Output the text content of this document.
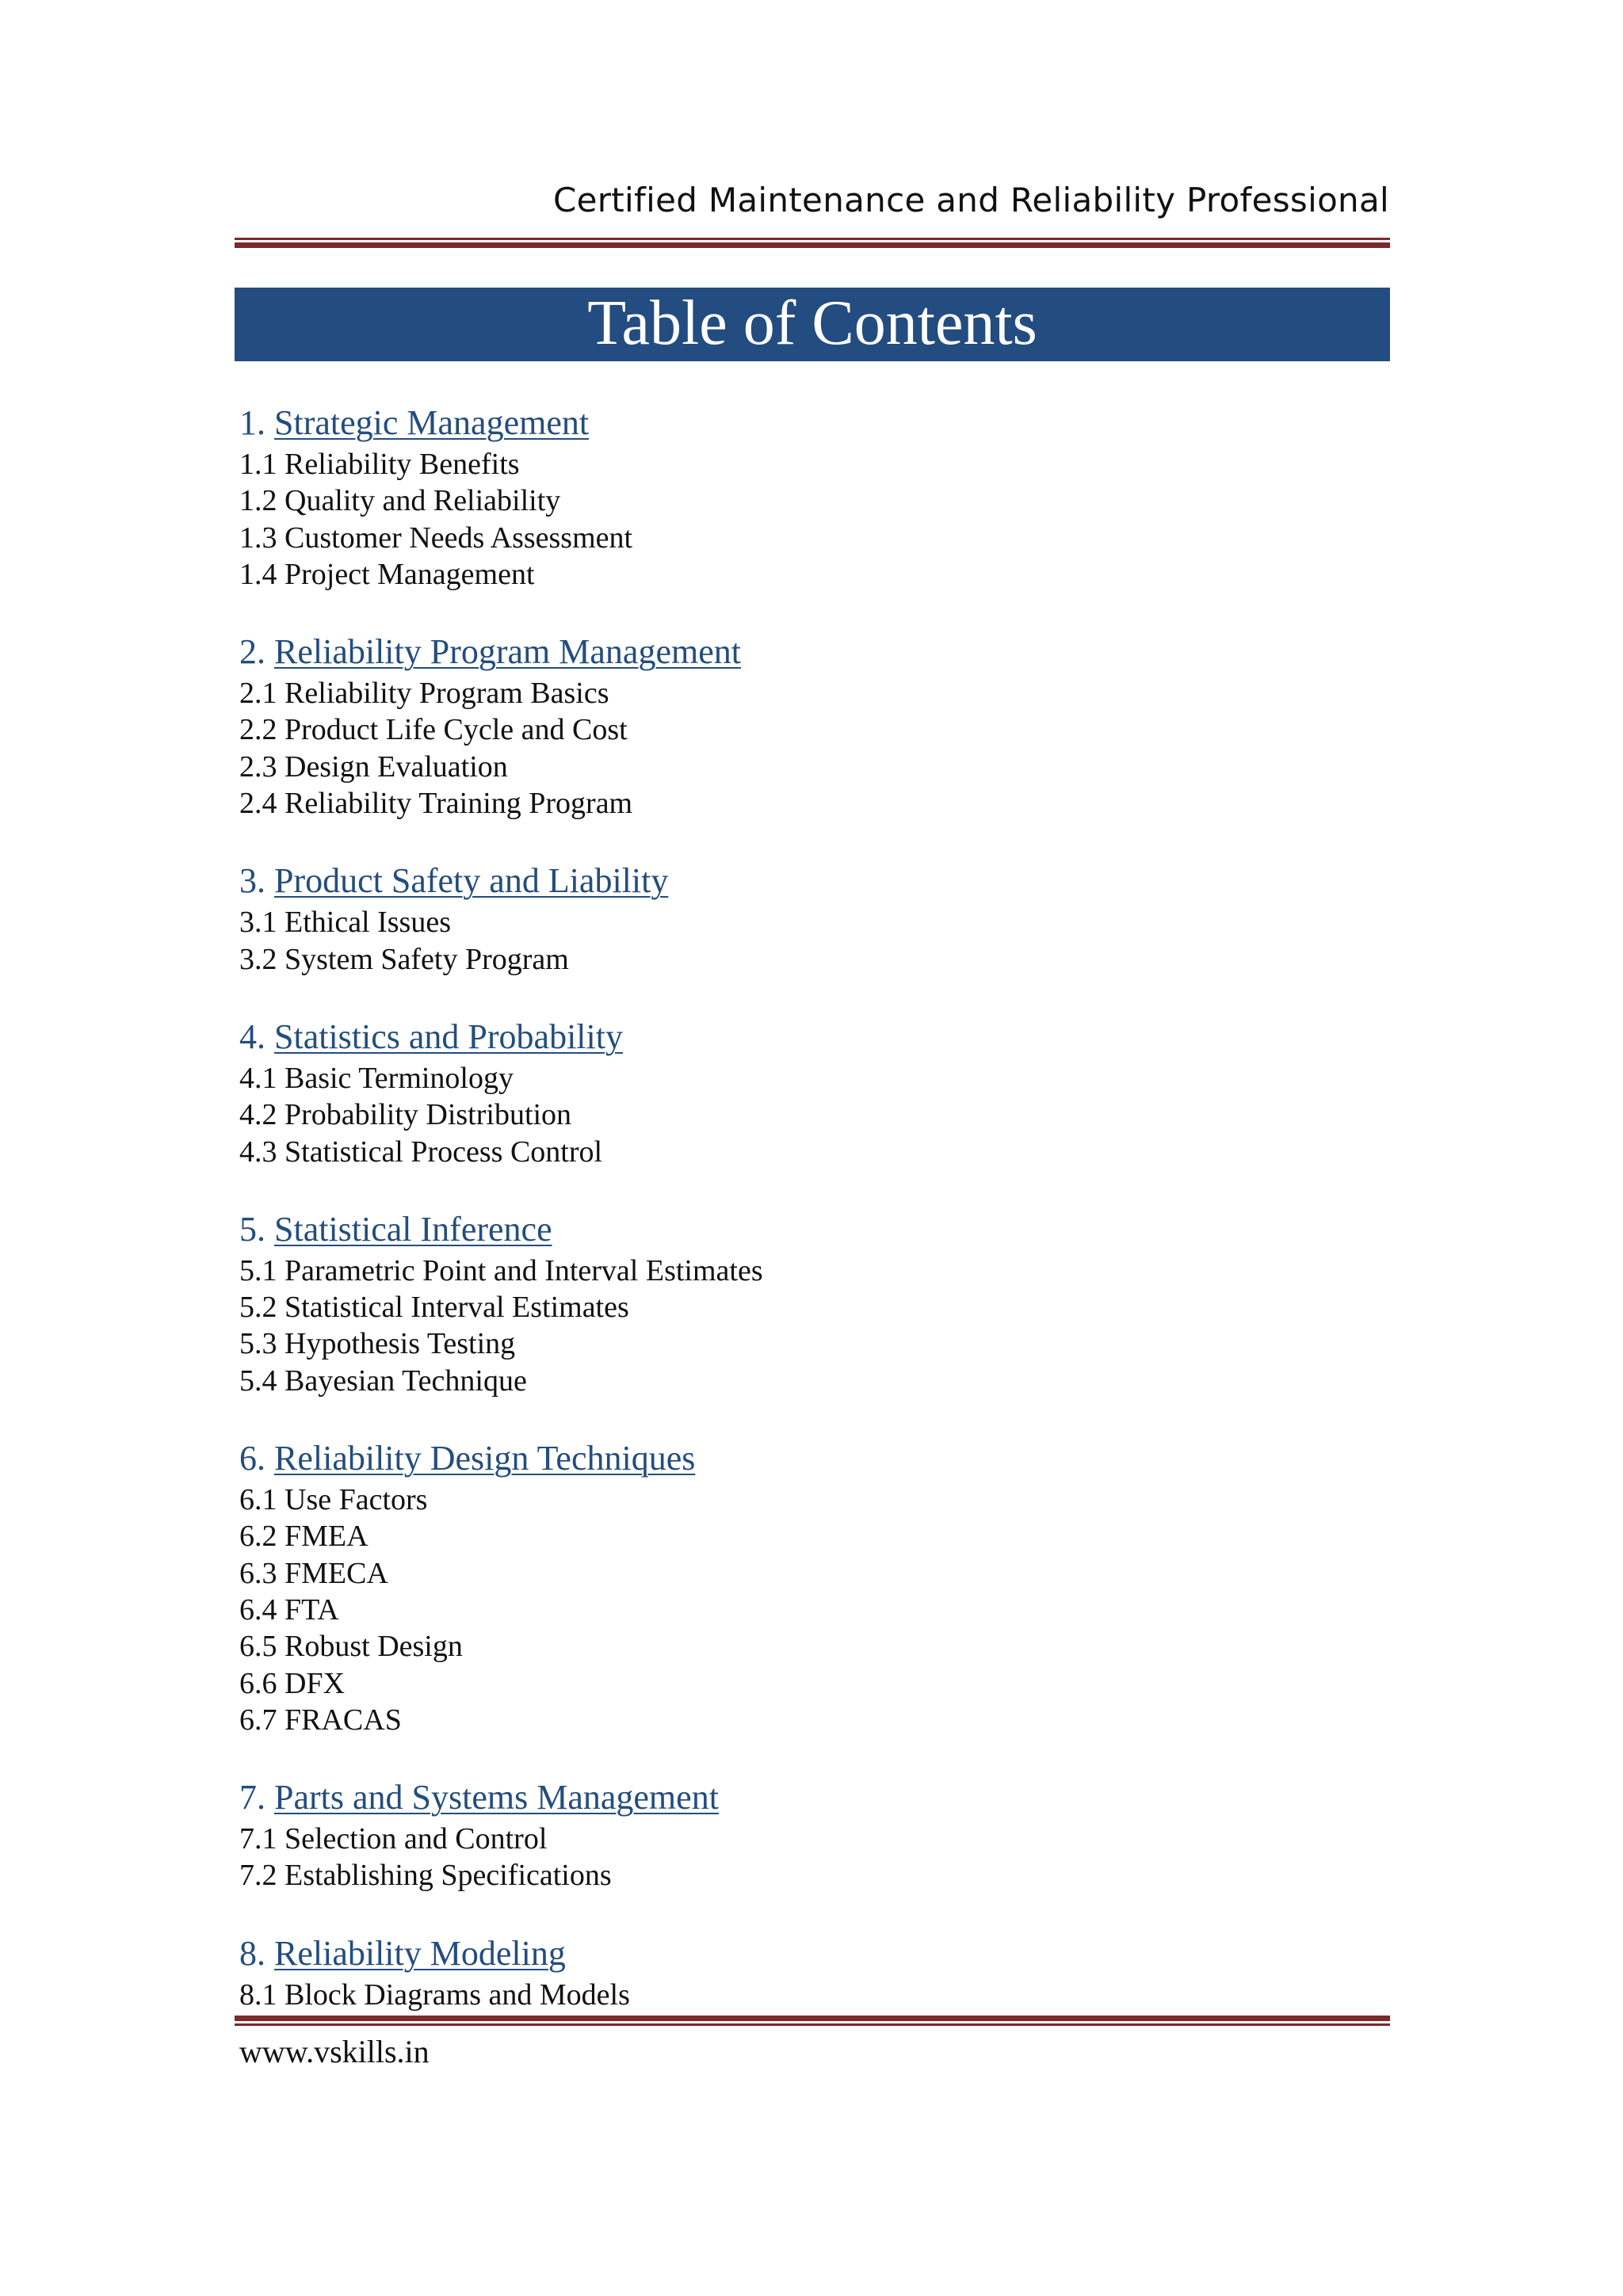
Certified Maintenance and Reliability Professional
Table of Contents
1. Strategic Management
1.1 Reliability Benefits
1.2 Quality and Reliability
1.3 Customer Needs Assessment
1.4 Project Management
2. Reliability Program Management
2.1 Reliability Program Basics
2.2 Product Life Cycle and Cost
2.3 Design Evaluation
2.4 Reliability Training Program
3. Product Safety and Liability
3.1 Ethical Issues
3.2 System Safety Program
4. Statistics and Probability
4.1 Basic Terminology
4.2 Probability Distribution
4.3 Statistical Process Control
5. Statistical Inference
5.1 Parametric Point and Interval Estimates
5.2 Statistical Interval Estimates
5.3 Hypothesis Testing
5.4 Bayesian Technique
6. Reliability Design Techniques
6.1 Use Factors
6.2 FMEA
6.3 FMECA
6.4 FTA
6.5 Robust Design
6.6 DFX
6.7 FRACAS
7. Parts and Systems Management
7.1 Selection and Control
7.2 Establishing Specifications
8. Reliability Modeling
8.1 Block Diagrams and Models
www.vskills.in
